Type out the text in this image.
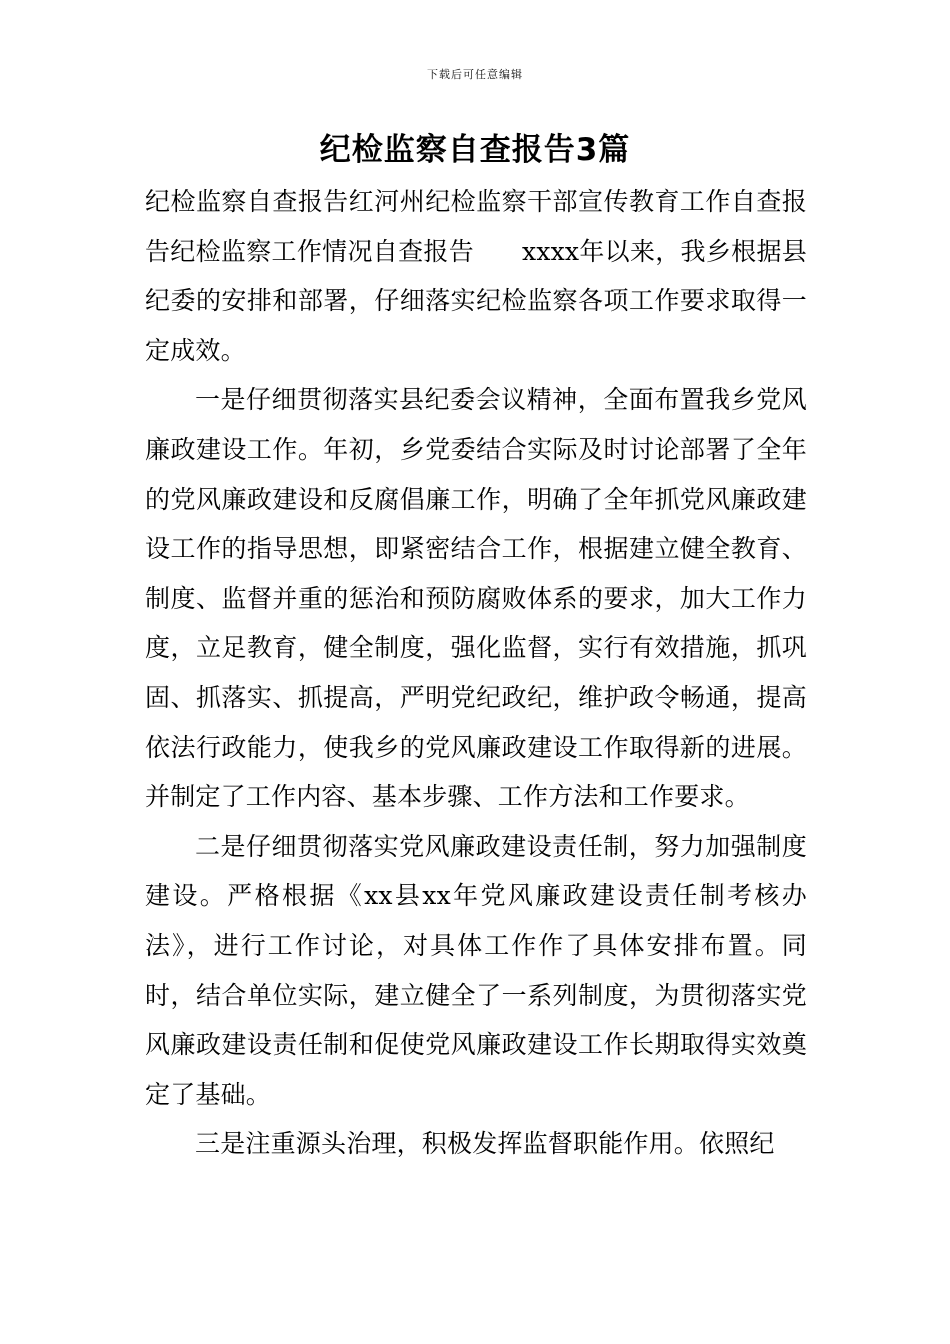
下载后可任意编辑
纪检监察自查报告3篇

纪检监察自查报告红河州纪检监察干部宣传教育工作自查报告纪检监察工作情况自查报告 xxxx年以来，我乡根据县纪委的安排和部署，仔细落实纪检监察各项工作要求取得一定成效。

一是仔细贯彻落实县纪委会议精神，全面布置我乡党风廉政建设工作。年初，乡党委结合实际及时讨论部署了全年的党风廉政建设和反腐倡廉工作，明确了全年抓党风廉政建设工作的指导思想，即紧密结合工作，根据建立健全教育、制度、监督并重的惩治和预防腐败体系的要求，加大工作力度，立足教育，健全制度，强化监督，实行有效措施，抓巩固、抓落实、抓提高，严明党纪政纪，维护政令畅通，提高依法行政能力，使我乡的党风廉政建设工作取得新的进展。并制定了工作内容、基本步骤、工作方法和工作要求。

二是仔细贯彻落实党风廉政建设责任制，努力加强制度建设。严格根据《xx县xx年党风廉政建设责任制考核办法》，进行工作讨论，对具体工作作了具体安排布置。同时，结合单位实际，建立健全了一系列制度，为贯彻落实党风廉政建设责任制和促使党风廉政建设工作长期取得实效奠定了基础。

三是注重源头治理，积极发挥监督职能作用。依照纪
